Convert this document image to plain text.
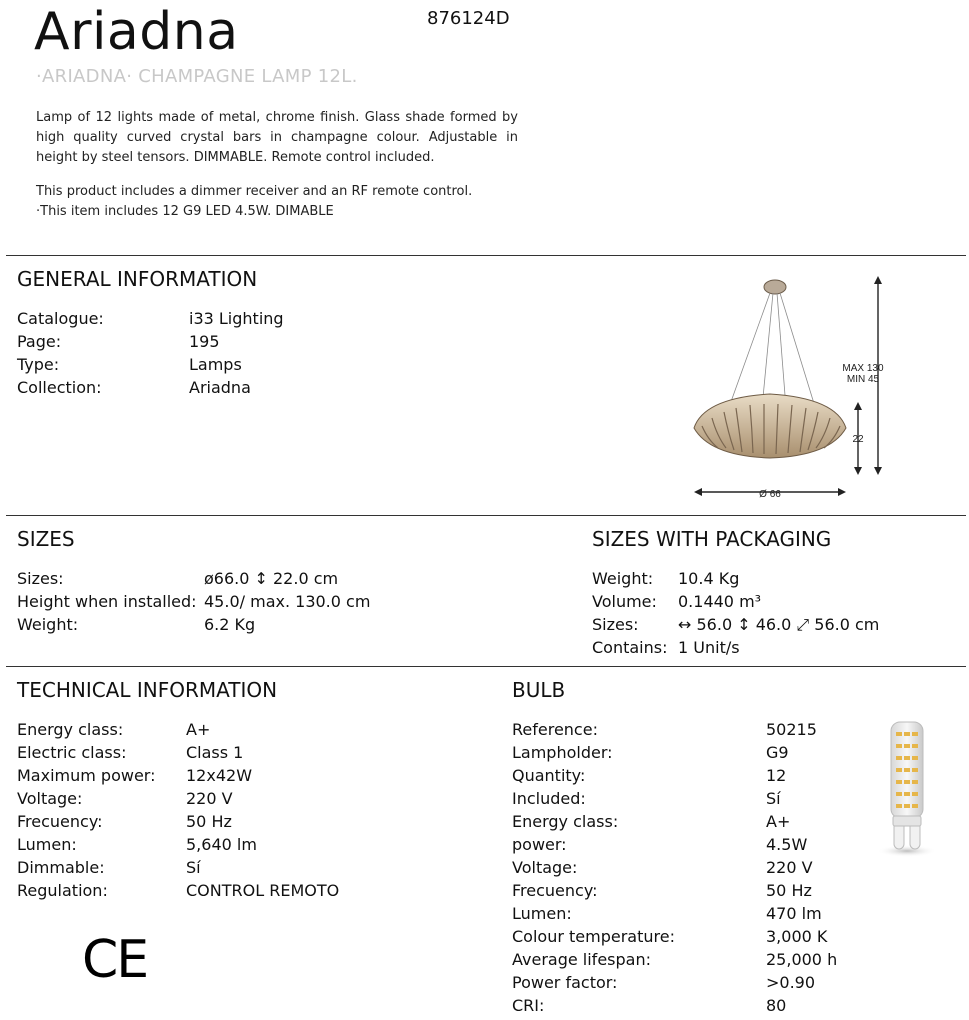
Ariadna	876124D
·ARIADNA· CHAMPAGNE LAMP 12L.
Lamp of 12 lights made of metal, chrome finish. Glass shade formed by high quality curved crystal bars in champagne colour. Adjustable in height by steel tensors. DIMMABLE. Remote control included.
This product includes a dimmer receiver and an RF remote control.
·This item includes 12 G9 LED 4.5W. DIMABLE
GENERAL INFORMATION
Catalogue:	i33 Lighting
Page:	195
Type:	Lamps
Collection:	Ariadna
MAX 130
MIN 45
22
Ø 66
SIZES
Sizes:	ø66.0 ↕ 22.0 cm
Height when installed: 45.0/ max. 130.0 cm
Weight:	6.2 Kg
SIZES WITH PACKAGING
Weight:	10.4 Kg
Volume:	0.1440 m³
Sizes:	↔ 56.0 ↕ 46.0 ⤢ 56.0 cm
Contains: 1 Unit/s
TECHNICAL INFORMATION
Energy class:	A+
Electric class:	Class 1
Maximum power:	12x42W
Voltage:	220 V
Frecuency:	50 Hz
Lumen:	5,640 lm
Dimmable:	Sí
Regulation:	CONTROL REMOTO
CE
BULB
Reference:	50215
Lampholder:	G9
Quantity:	12
Included:	Sí
Energy class:	A+
power:	4.5W
Voltage:	220 V
Frecuency:	50 Hz
Lumen:	470 lm
Colour temperature:	3,000 K
Average lifespan:	25,000 h
Power factor:	>0.90
CRI:	80
